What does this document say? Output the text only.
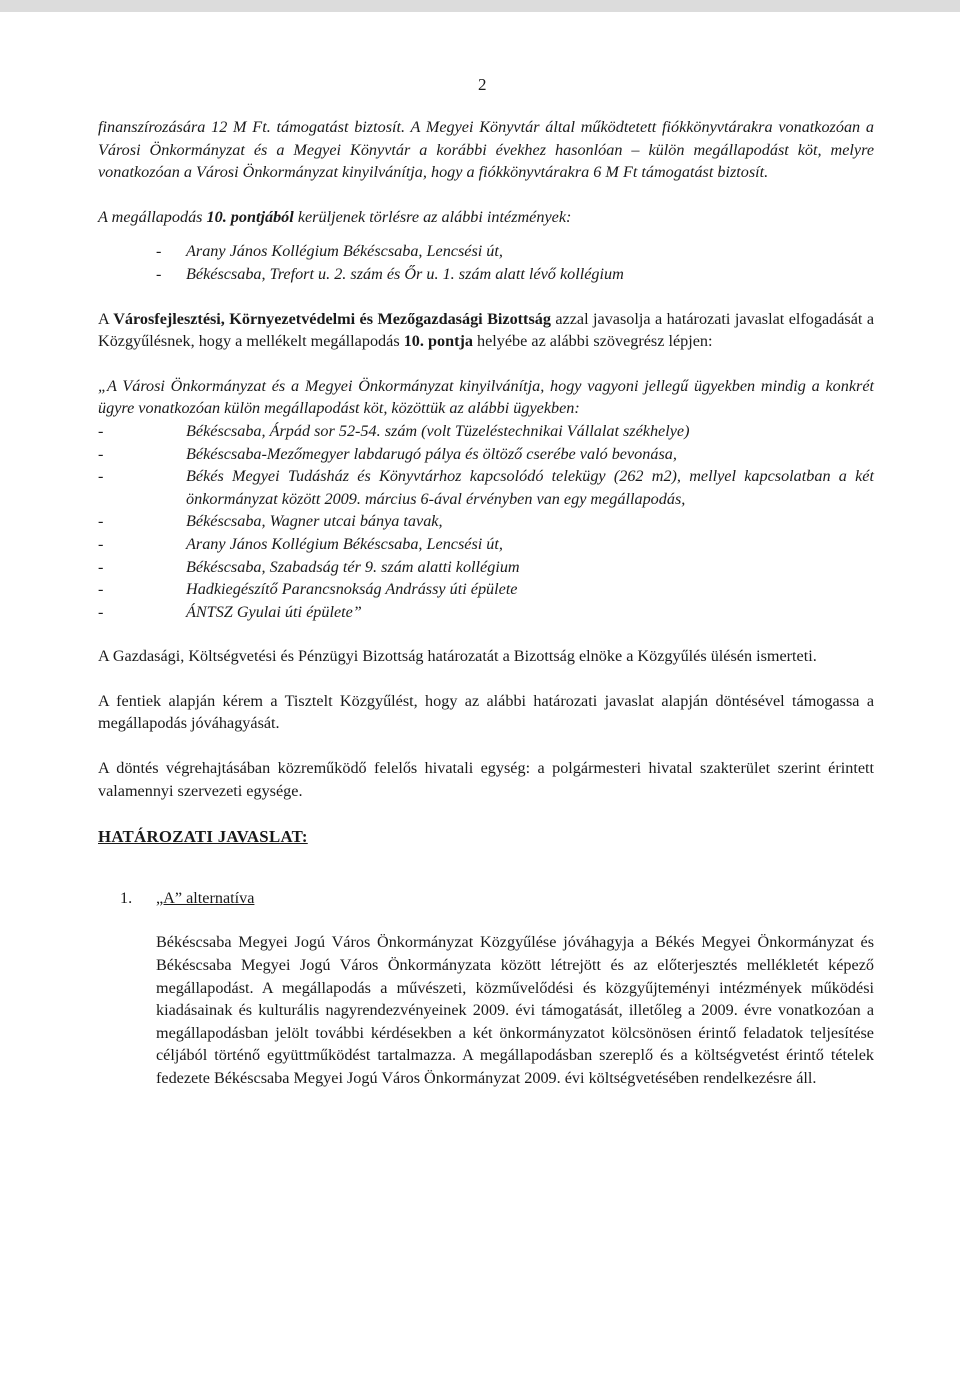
2

finanszírozására 12 M Ft. támogatást biztosít. A Megyei Könyvtár által működtetett fiókkönyvtárakra vonatkozóan a Városi Önkormányzat és a Megyei Könyvtár a korábbi évekhez hasonlóan – külön megállapodást köt, melyre vonatkozóan a Városi Önkormányzat kinyilvánítja, hogy a fiókkönyvtárakra 6 M Ft támogatást biztosít.

A megállapodás 10. pontjából kerüljenek törlésre az alábbi intézmények:

- Arany János Kollégium Békéscsaba, Lencsési út,
- Békéscsaba, Trefort u. 2. szám és Őr u. 1. szám alatt lévő kollégium

A Városfejlesztési, Környezetvédelmi és Mezőgazdasági Bizottság azzal javasolja a határozati javaslat elfogadását a Közgyűlésnek, hogy a mellékelt megállapodás 10. pontja helyébe az alábbi szövegrész lépjen:

„A Városi Önkormányzat és a Megyei Önkormányzat kinyilvánítja, hogy vagyoni jellegű ügyekben mindig a konkrét ügyre vonatkozóan külön megállapodást köt, közöttük az alábbi ügyekben:

-	Békéscsaba, Árpád sor 52-54. szám (volt Tüzeléstechnikai Vállalat székhelye)
-	Békéscsaba-Mezőmegyer labdarugó pálya és öltöző cserébe való bevonása,
-	Békés Megyei Tudásház és Könyvtárhoz kapcsolódó telekügy (262 m2), mellyel kapcsolatban a két önkormányzat között 2009. március 6-ával érvényben van egy megállapodás,
-	Békéscsaba, Wagner utcai bánya tavak,
-	Arany János Kollégium Békéscsaba, Lencsési út,
-	Békéscsaba, Szabadság tér 9. szám alatti kollégium
-	Hadkiegészítő Parancsnokság Andrássy úti épülete
-	ÁNTSZ Gyulai úti épülete”

A Gazdasági, Költségvetési és Pénzügyi Bizottság határozatát a Bizottság elnöke a Közgyűlés ülésén ismerteti.

A fentiek alapján kérem a Tisztelt Közgyűlést, hogy az alábbi határozati javaslat alapján döntésével támogassa a megállapodás jóváhagyását.

A döntés végrehajtásában közreműködő felelős hivatali egység: a polgármesteri hivatal szakterület szerint érintett valamennyi szervezeti egysége.

HATÁROZATI JAVASLAT:

1. „A” alternatíva

Békéscsaba Megyei Jogú Város Önkormányzat Közgyűlése jóváhagyja a Békés Megyei Önkormányzat és Békéscsaba Megyei Jogú Város Önkormányzata között létrejött és az előterjesztés mellékletét képező megállapodást. A megállapodás a művészeti, közművelődési és közgyűjteményi intézmények működési kiadásainak és kulturális nagyrendezvényeinek 2009. évi támogatását, illetőleg a 2009. évre vonatkozóan a megállapodásban jelölt további kérdésekben a két önkormányzatot kölcsönösen érintő feladatok teljesítése céljából történő együttműködést tartalmazza. A megállapodásban szereplő és a költségvetést érintő tételek fedezete Békéscsaba Megyei Jogú Város Önkormányzat 2009. évi költségvetésében rendelkezésre áll.
